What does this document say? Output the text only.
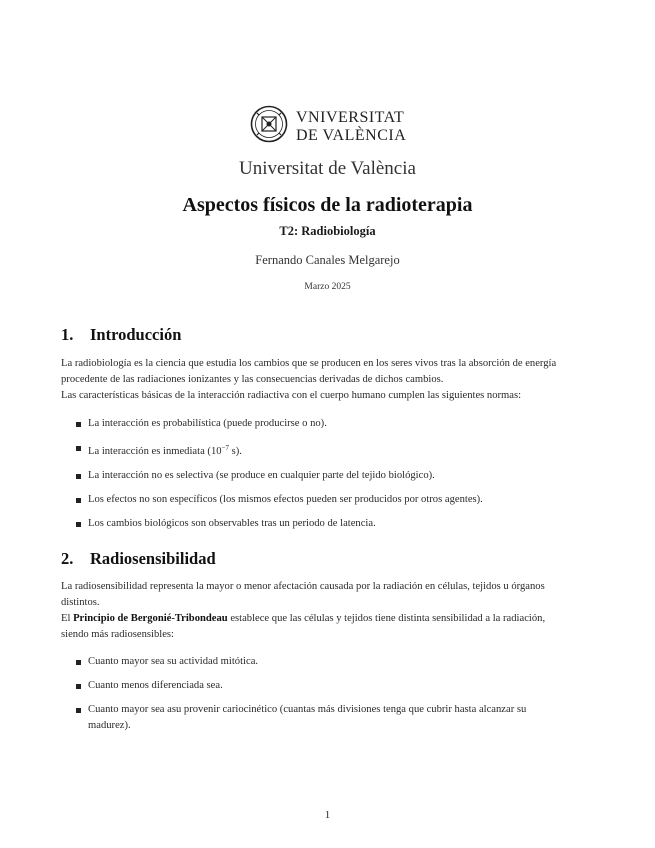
VNIVERSITAT
DE VALÈNCIA
Universitat de València
Aspectos físicos de la radioterapia
T2: Radiobiología
Fernando Canales Melgarejo
Marzo 2025
1. Introducción
La radiobiología es la ciencia que estudia los cambios que se producen en los seres vivos tras la absorción de energía
procedente de las radiaciones ionizantes y las consecuencias derivadas de dichos cambios.
Las características básicas de la interacción radiactiva con el cuerpo humano cumplen las siguientes normas:
La interacción es probabilística (puede producirse o no).
La interacción es inmediata ($10^{-7}$ s).
La interacción no es selectiva (se produce en cualquier parte del tejido biológico).
Los efectos no son específicos (los mismos efectos pueden ser producidos por otros agentes).
Los cambios biológicos son observables tras un periodo de latencia.
2. Radiosensibilidad
La radiosensibilidad representa la mayor o menor afectación causada por la radiación en células, tejidos u órganos
distintos.
El Principio de Bergonié-Tribondeau establece que las células y tejidos tiene distinta sensibilidad a la radiación,
siendo más radiosensibles:
Cuanto mayor sea su actividad mitótica.
Cuanto menos diferenciada sea.
Cuanto mayor sea asu provenir cariocinético (cuantas más divisiones tenga que cubrir hasta alcanzar su
madurez).
1
